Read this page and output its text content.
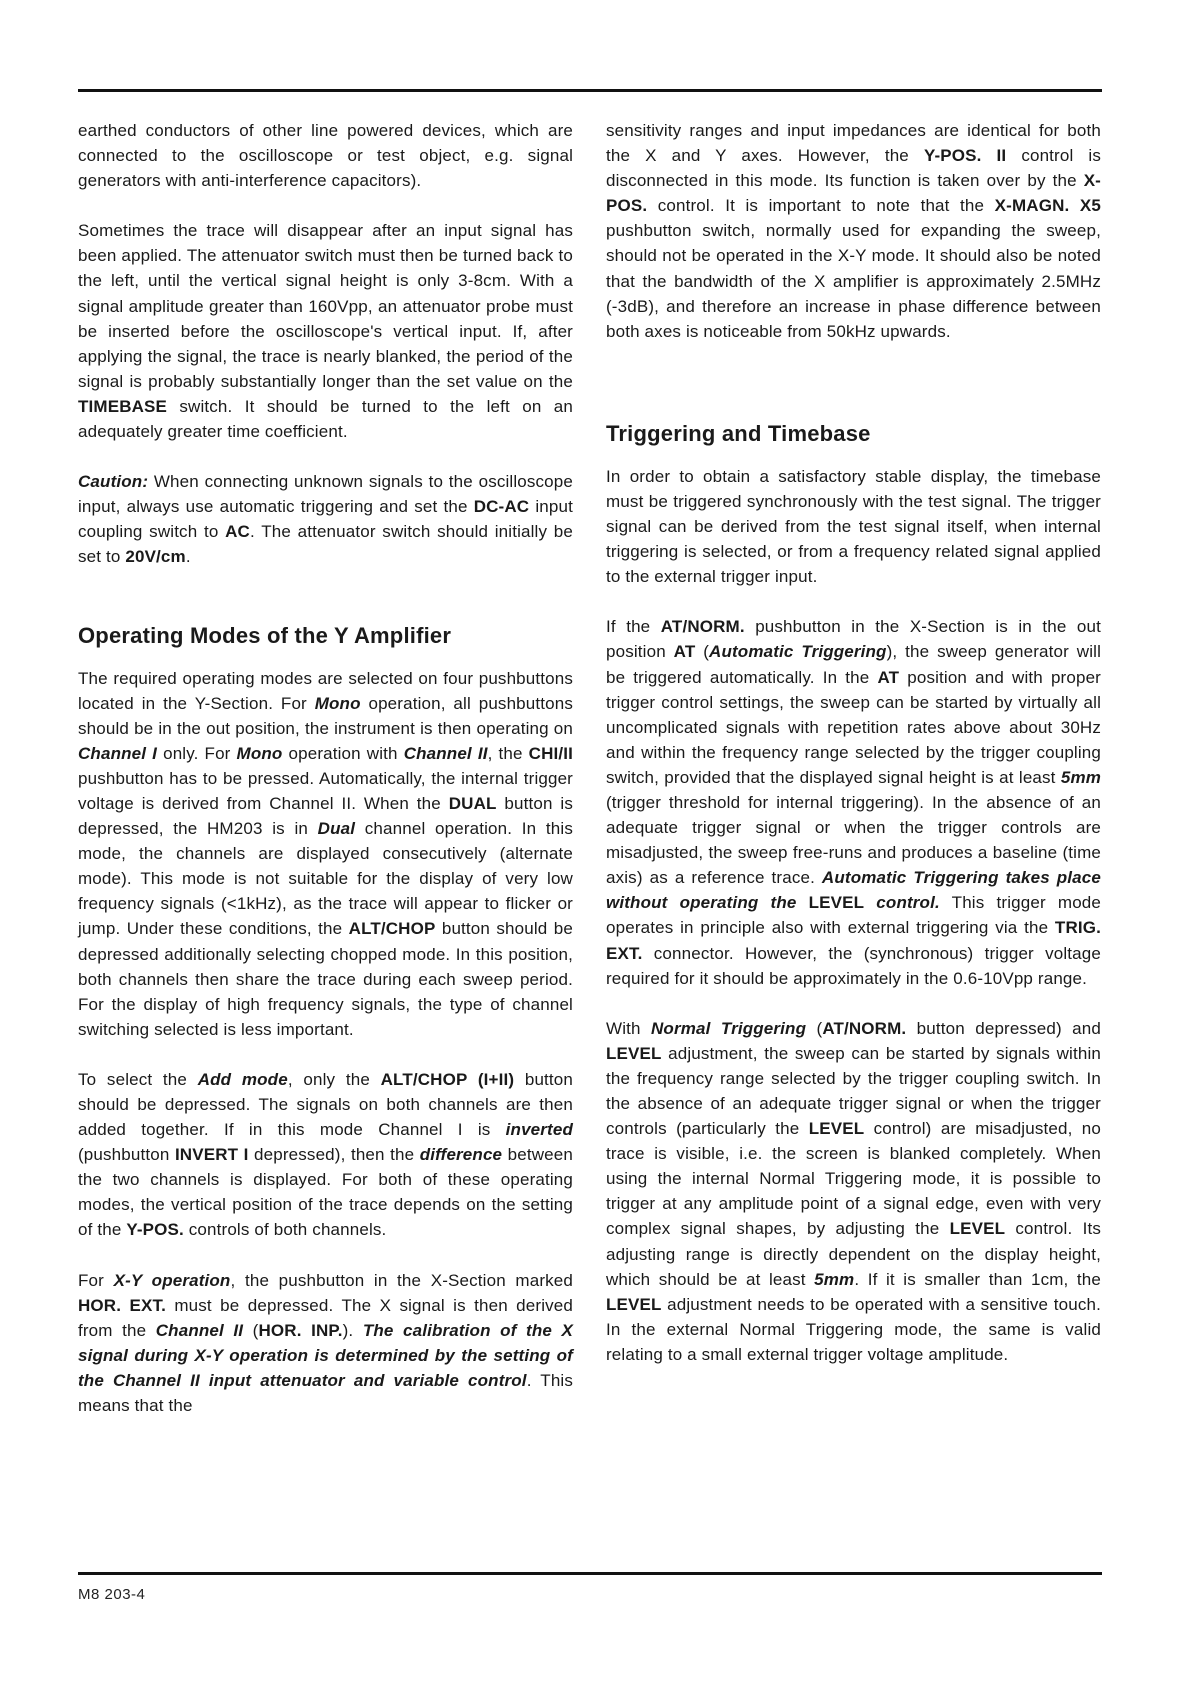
earthed conductors of other line powered devices, which are connected to the oscilloscope or test object, e.g. signal generators with anti-interference capacitors).

Sometimes the trace will disappear after an input signal has been applied. The attenuator switch must then be turned back to the left, until the vertical signal height is only 3-8cm. With a signal amplitude greater than 160Vpp, an attenuator probe must be inserted before the oscilloscope's vertical input. If, after applying the signal, the trace is nearly blanked, the period of the signal is probably substantially longer than the set value on the TIMEBASE switch. It should be turned to the left on an adequately greater time coefficient.

Caution: When connecting unknown signals to the oscilloscope input, always use automatic triggering and set the DC-AC input coupling switch to AC. The attenuator switch should initially be set to 20V/cm.

Operating Modes of the Y Amplifier

The required operating modes are selected on four pushbuttons located in the Y-Section. For Mono operation, all pushbuttons should be in the out position, the instrument is then operating on Channel I only. For Mono operation with Channel II, the CHI/II pushbutton has to be pressed. Automatically, the internal trigger voltage is derived from Channel II. When the DUAL button is depressed, the HM203 is in Dual channel operation. In this mode, the channels are displayed consecutively (alternate mode). This mode is not suitable for the display of very low frequency signals (<1kHz), as the trace will appear to flicker or jump. Under these conditions, the ALT/CHOP button should be depressed additionally selecting chopped mode. In this position, both channels then share the trace during each sweep period. For the display of high frequency signals, the type of channel switching selected is less important.

To select the Add mode, only the ALT/CHOP (I+II) button should be depressed. The signals on both channels are then added together. If in this mode Channel I is inverted (pushbutton INVERT I depressed), then the difference between the two channels is displayed. For both of these operating modes, the vertical position of the trace depends on the setting of the Y-POS. controls of both channels.

For X-Y operation, the pushbutton in the X-Section marked HOR. EXT. must be depressed. The X signal is then derived from the Channel II (HOR. INP.). The calibration of the X signal during X-Y operation is determined by the setting of the Channel II input attenuator and variable control. This means that the

sensitivity ranges and input impedances are identical for both the X and Y axes. However, the Y-POS. II control is disconnected in this mode. Its function is taken over by the X-POS. control. It is important to note that the X-MAGN. X5 pushbutton switch, normally used for expanding the sweep, should not be operated in the X-Y mode. It should also be noted that the bandwidth of the X amplifier is approximately 2.5MHz (-3dB), and therefore an increase in phase difference between both axes is noticeable from 50kHz upwards.

Triggering and Timebase

In order to obtain a satisfactory stable display, the timebase must be triggered synchronously with the test signal. The trigger signal can be derived from the test signal itself, when internal triggering is selected, or from a frequency related signal applied to the external trigger input.

If the AT/NORM. pushbutton in the X-Section is in the out position AT (Automatic Triggering), the sweep generator will be triggered automatically. In the AT position and with proper trigger control settings, the sweep can be started by virtually all uncomplicated signals with repetition rates above about 30Hz and within the frequency range selected by the trigger coupling switch, provided that the displayed signal height is at least 5mm (trigger threshold for internal triggering). In the absence of an adequate trigger signal or when the trigger controls are misadjusted, the sweep free-runs and produces a baseline (time axis) as a reference trace. Automatic Triggering takes place without operating the LEVEL control. This trigger mode operates in principle also with external triggering via the TRIG. EXT. connector. However, the (synchronous) trigger voltage required for it should be approximately in the 0.6-10Vpp range.

With Normal Triggering (AT/NORM. button depressed) and LEVEL adjustment, the sweep can be started by signals within the frequency range selected by the trigger coupling switch. In the absence of an adequate trigger signal or when the trigger controls (particularly the LEVEL control) are misadjusted, no trace is visible, i.e. the screen is blanked completely. When using the internal Normal Triggering mode, it is possible to trigger at any amplitude point of a signal edge, even with very complex signal shapes, by adjusting the LEVEL control. Its adjusting range is directly dependent on the display height, which should be at least 5mm. If it is smaller than 1cm, the LEVEL adjustment needs to be operated with a sensitive touch. In the external Normal Triggering mode, the same is valid relating to a small external trigger voltage amplitude.

M8 203-4
